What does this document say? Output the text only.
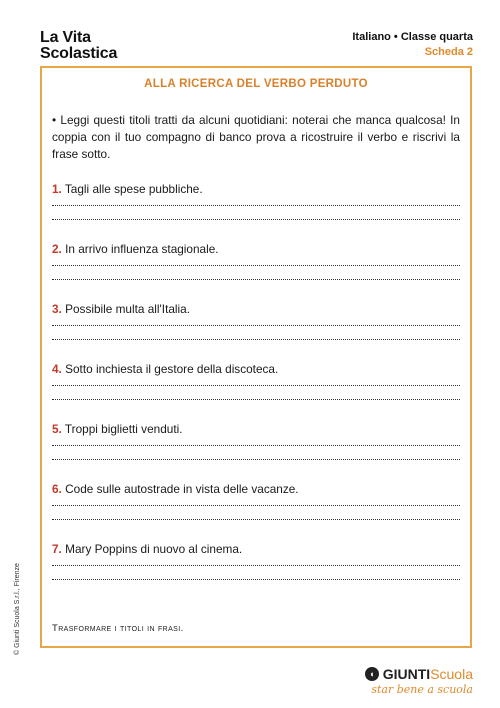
La Vita
Scolastica
Italiano • Classe quarta
Scheda 2
ALLA RICERCA DEL VERBO PERDUTO
• Leggi questi titoli tratti da alcuni quotidiani: noterai che manca qualcosa! In coppia con il tuo compagno di banco prova a ricostruire il verbo e riscrivi la frase sotto.
1. Tagli alle spese pubbliche.
2. In arrivo influenza stagionale.
3. Possibile multa all'Italia.
4. Sotto inchiesta il gestore della discoteca.
5. Troppi biglietti venduti.
6. Code sulle autostrade in vista delle vacanze.
7. Mary Poppins di nuovo al cinema.
Trasformare i titoli in frasi.
© Giunti Scuola S.r.l., Firenze
◖ GIUNTI Scuola
star bene a scuola
